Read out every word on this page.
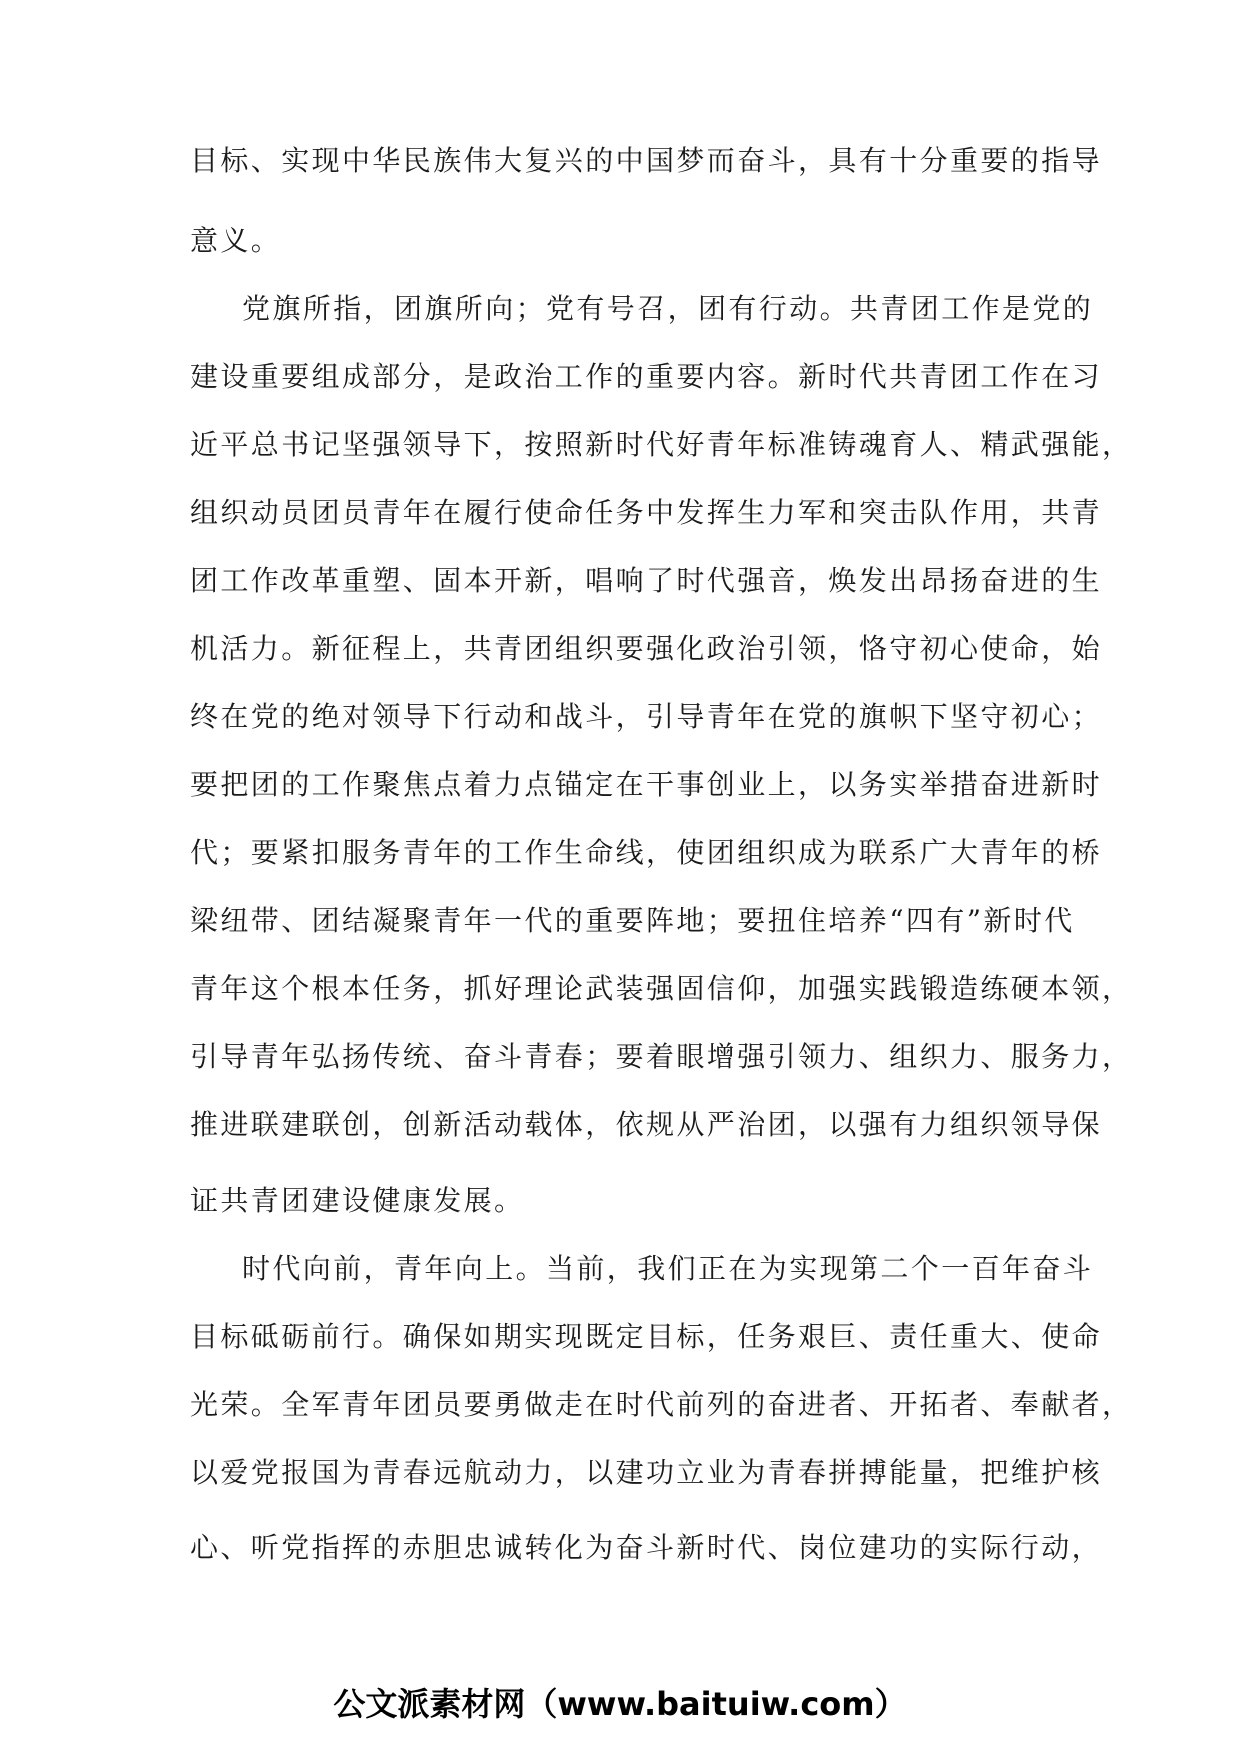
目标、实现中华民族伟大复兴的中国梦而奋斗，具有十分重要的指导
意义。
党旗所指，团旗所向；党有号召，团有行动。共青团工作是党的
建设重要组成部分，是政治工作的重要内容。新时代共青团工作在习
近平总书记坚强领导下，按照新时代好青年标准铸魂育人、精武强能，
组织动员团员青年在履行使命任务中发挥生力军和突击队作用，共青
团工作改革重塑、固本开新，唱响了时代强音，焕发出昂扬奋进的生
机活力。新征程上，共青团组织要强化政治引领，恪守初心使命，始
终在党的绝对领导下行动和战斗，引导青年在党的旗帜下坚守初心；
要把团的工作聚焦点着力点锚定在干事创业上，以务实举措奋进新时
代；要紧扣服务青年的工作生命线，使团组织成为联系广大青年的桥
梁纽带、团结凝聚青年一代的重要阵地；要扭住培养“四有”新时代
青年这个根本任务，抓好理论武装强固信仰，加强实践锻造练硬本领，
引导青年弘扬传统、奋斗青春；要着眼增强引领力、组织力、服务力，
推进联建联创，创新活动载体，依规从严治团，以强有力组织领导保
证共青团建设健康发展。
时代向前，青年向上。当前，我们正在为实现第二个一百年奋斗
目标砥砺前行。确保如期实现既定目标，任务艰巨、责任重大、使命
光荣。全军青年团员要勇做走在时代前列的奋进者、开拓者、奉献者，
以爱党报国为青春远航动力，以建功立业为青春拼搏能量，把维护核
心、听党指挥的赤胆忠诚转化为奋斗新时代、岗位建功的实际行动，
公文派素材网（www.baituiw.com）
